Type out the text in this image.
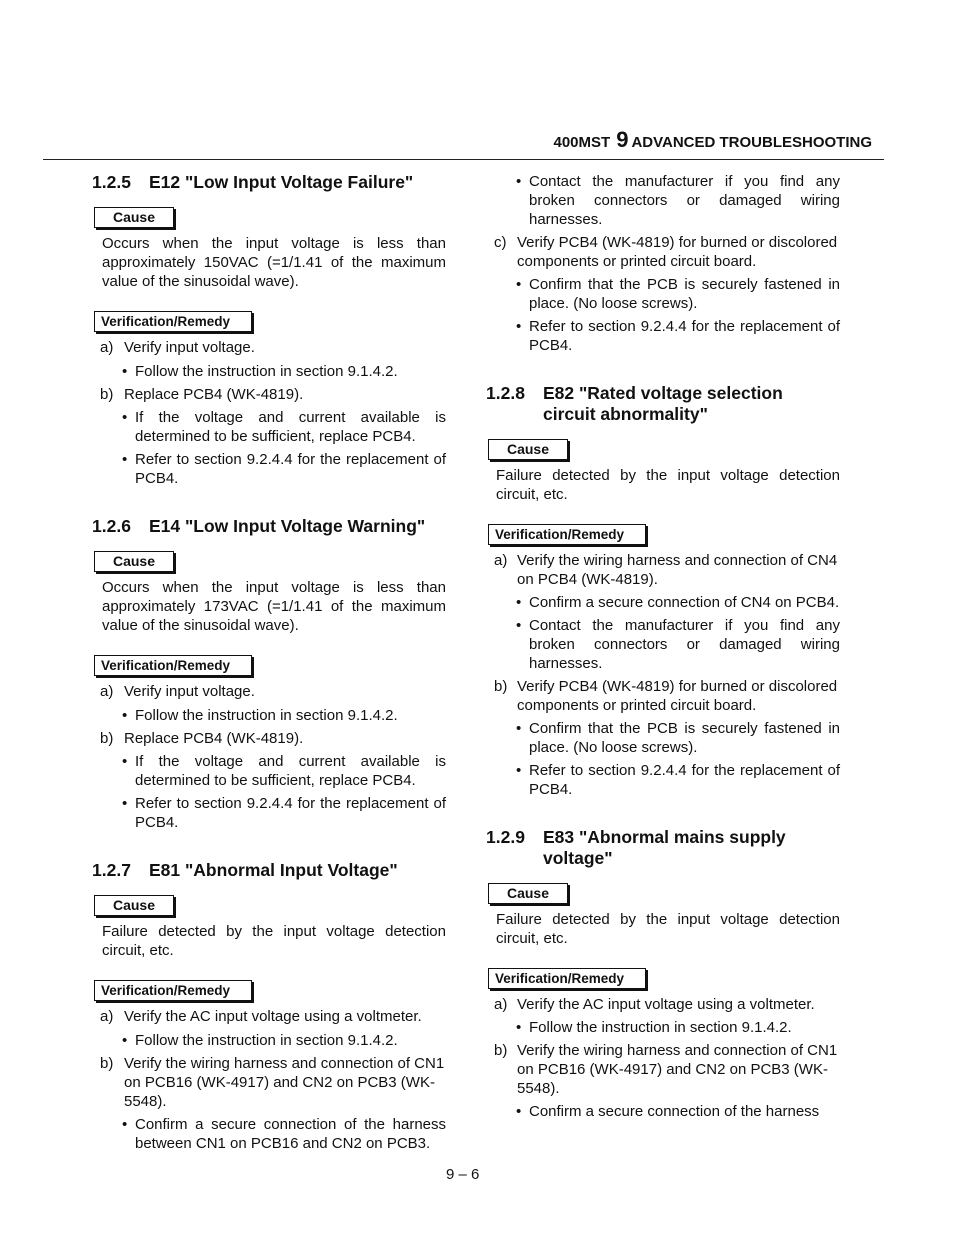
400MST 9 ADVANCED TROUBLESHOOTING
1.2.5	E12 "Low Input Voltage Failure"
Cause

Occurs when the input voltage is less than approximately 150VAC (=1/1.41 of the maximum value of the sinusoidal wave).

Verification/Remedy
a) Verify input voltage.
• Follow the instruction in section 9.1.4.2.
b) Replace PCB4 (WK-4819).
• If the voltage and current available is determined to be sufficient, replace PCB4.
• Refer to section 9.2.4.4 for the replacement of PCB4.
1.2.6	E14 "Low Input Voltage Warning"
Cause

Occurs when the input voltage is less than approximately 173VAC (=1/1.41 of the maximum value of the sinusoidal wave).

Verification/Remedy
a) Verify input voltage.
• Follow the instruction in section 9.1.4.2.
b) Replace PCB4 (WK-4819).
• If the voltage and current available is determined to be sufficient, replace PCB4.
• Refer to section 9.2.4.4 for the replacement of PCB4.
1.2.7	E81 "Abnormal Input Voltage"
Cause

Failure detected by the input voltage detection circuit, etc.

Verification/Remedy
a) Verify the AC input voltage using a voltmeter.
• Follow the instruction in section 9.1.4.2.
b) Verify the wiring harness and connection of CN1 on PCB16 (WK-4917) and CN2 on PCB3 (WK-5548).
• Confirm a secure connection of the harness between CN1 on PCB16 and CN2 on PCB3.
• Contact the manufacturer if you find any broken connectors or damaged wiring harnesses.
c) Verify PCB4 (WK-4819) for burned or discolored components or printed circuit board.
• Confirm that the PCB is securely fastened in place. (No loose screws).
• Refer to section 9.2.4.4 for the replacement of PCB4.
1.2.8	E82 "Rated voltage selection circuit abnormality"
Cause

Failure detected by the input voltage detection circuit, etc.

Verification/Remedy
a) Verify the wiring harness and connection of CN4 on PCB4 (WK-4819).
• Confirm a secure connection of CN4 on PCB4.
• Contact the manufacturer if you find any broken connectors or damaged wiring harnesses.
b) Verify PCB4 (WK-4819) for burned or discolored components or printed circuit board.
• Confirm that the PCB is securely fastened in place. (No loose screws).
• Refer to section 9.2.4.4 for the replacement of PCB4.
1.2.9	E83 "Abnormal mains supply voltage"
Cause

Failure detected by the input voltage detection circuit, etc.

Verification/Remedy
a) Verify the AC input voltage using a voltmeter.
• Follow the instruction in section 9.1.4.2.
b) Verify the wiring harness and connection of CN1 on PCB16 (WK-4917) and CN2 on PCB3 (WK-5548).
• Confirm a secure connection of the harness
9 – 6
